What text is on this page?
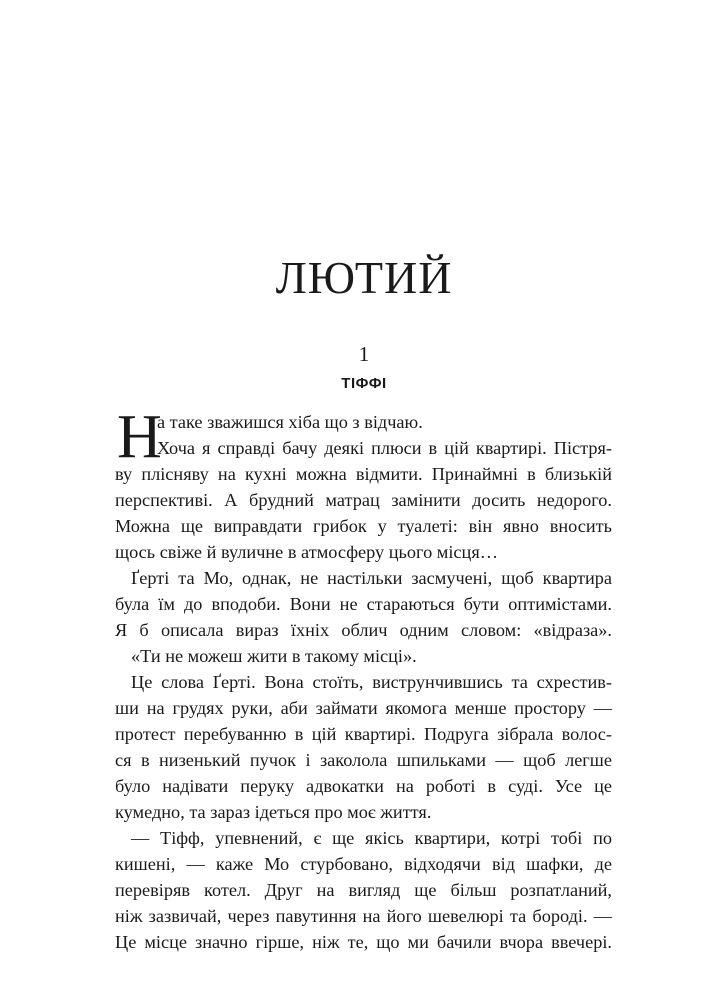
ЛЮТИЙ
1
ТІФФІ
Н
а таке зважишся хіба що з відчаю.
Хоча я справді бачу деякі плюси в цій квартирі. Пістря-
ву плісняву на кухні можна відмити. Принаймні в близькій
перспективі. А брудний матрац замінити досить недорого.
Можна ще виправдати грибок у туалеті: він явно вносить
щось свіже й вуличне в атмосферу цього місця…
Ґерті та Мо, однак, не настільки засмучені, щоб квартира
була їм до вподоби. Вони не стараються бути оптимістами.
Я б описала вираз їхніх облич одним словом: «відраза».
«Ти не можеш жити в такому місці».
Це слова Ґерті. Вона стоїть, виструнчившись та схрестив-
ши на грудях руки, аби займати якомога менше простору —
протест перебуванню в цій квартирі. Подруга зібрала волос-
ся в низенький пучок і заколола шпильками — щоб легше
було надівати перуку адвокатки на роботі в суді. Усе це
кумедно, та зараз ідеться про моє життя.
— Тіфф, упевнений, є ще якісь квартири, котрі тобі по
кишені, — каже Мо стурбовано, відходячи від шафки, де
перевіряв котел. Друг на вигляд ще більш розпатланий,
ніж зазвичай, через павутиння на його шевелюрі та бороді. —
Це місце значно гірше, ніж те, що ми бачили вчора ввечері.
